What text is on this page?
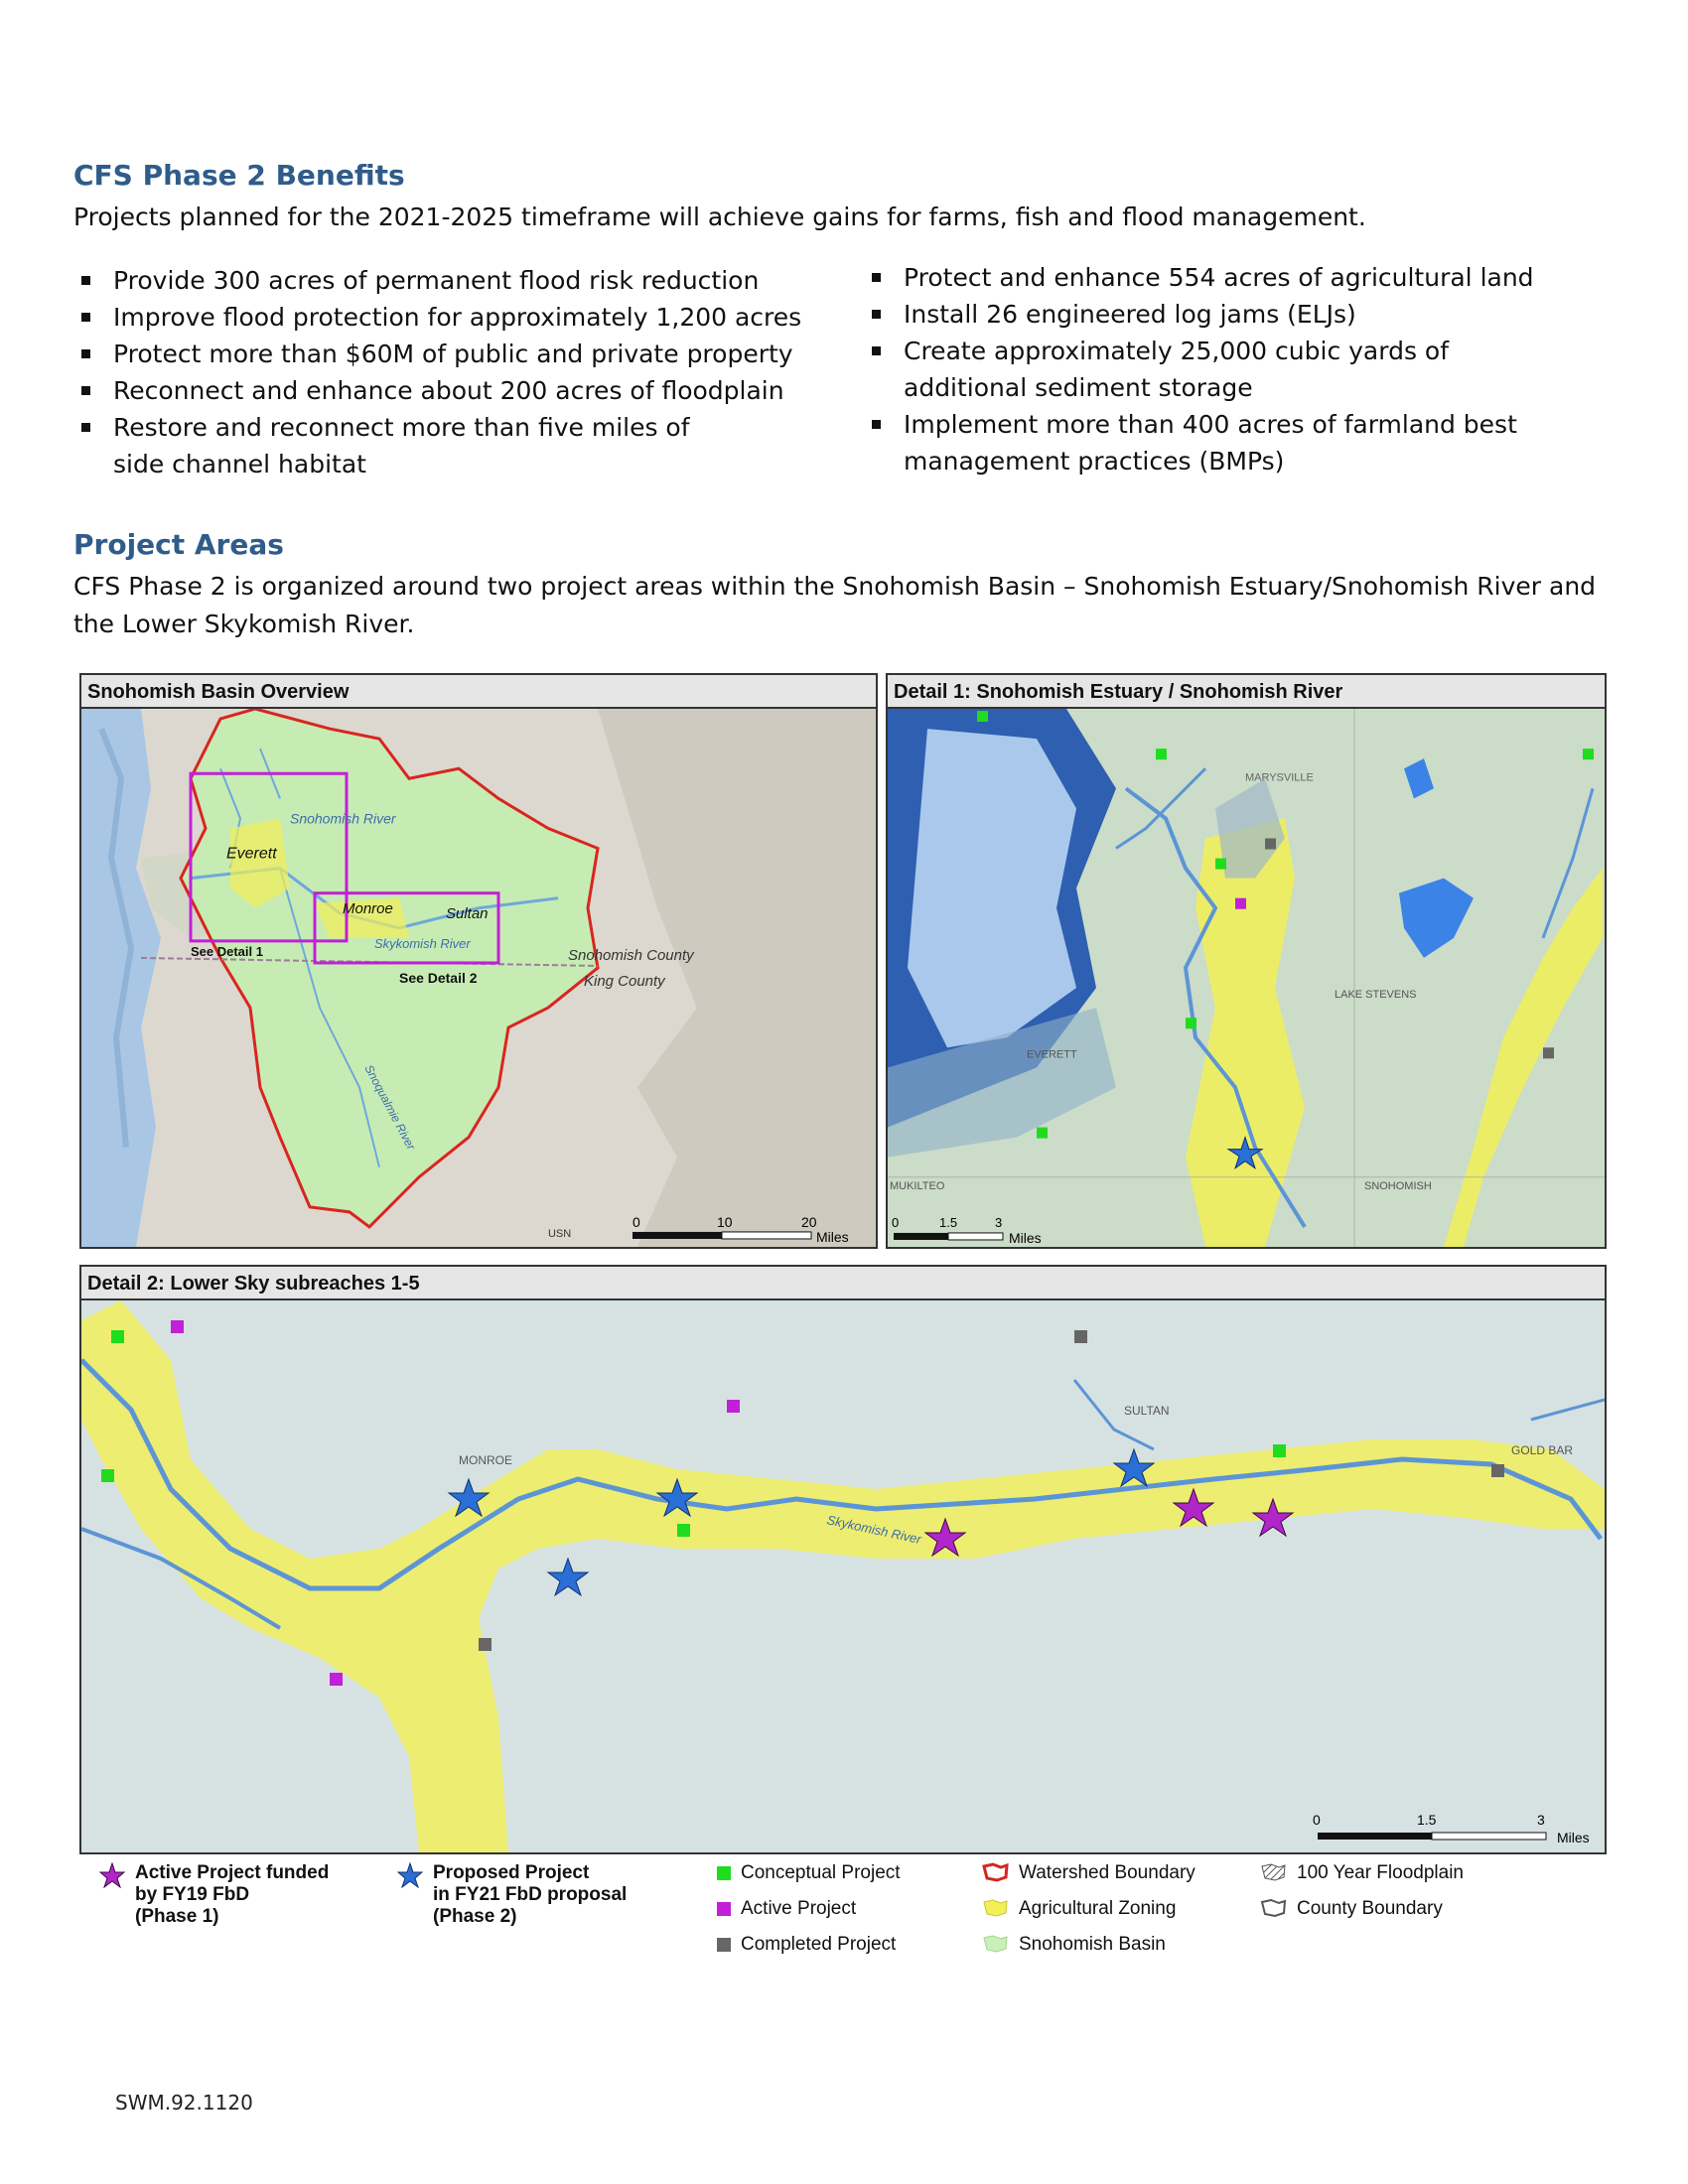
CFS Phase 2 Benefits
Projects planned for the 2021-2025 timeframe will achieve gains for farms, fish and flood management.
Provide 300 acres of permanent flood risk reduction
Improve flood protection for approximately 1,200 acres
Protect more than $60M of public and private property
Reconnect and enhance about 200 acres of floodplain
Restore and reconnect more than five miles of side channel habitat
Protect and enhance 554 acres of agricultural land
Install 26 engineered log jams (ELJs)
Create approximately 25,000 cubic yards of additional sediment storage
Implement more than 400 acres of farmland best management practices (BMPs)
Project Areas
CFS Phase 2 is organized around two project areas within the Snohomish Basin – Snohomish Estuary/Snohomish River and the Lower Skykomish River.
Snohomish Basin Overview
Snohomish River
Everett
See Detail 1
Monroe	Sultan
Skykomish River
See Detail 2
Snohomish County
King County
Snoqualmie River
USN
0	10	20
Miles
Detail 1: Snohomish Estuary / Snohomish River
MARYSVILLE
LAKE STEVENS
EVERETT
MUKILTEO	SNOHOMISH
0	1.5	3
Miles
Detail 2: Lower Sky subreaches 1-5
MONROE
SULTAN
GOLD BAR
Skykomish River
0	1.5	3
Miles
Active Project funded
by FY19 FbD
(Phase 1)
Proposed Project
in FY21 FbD proposal
(Phase 2)
Conceptual Project
Active Project
Completed Project
Watershed Boundary
Agricultural Zoning
Snohomish Basin
100 Year Floodplain
County Boundary
SWM.92.1120
